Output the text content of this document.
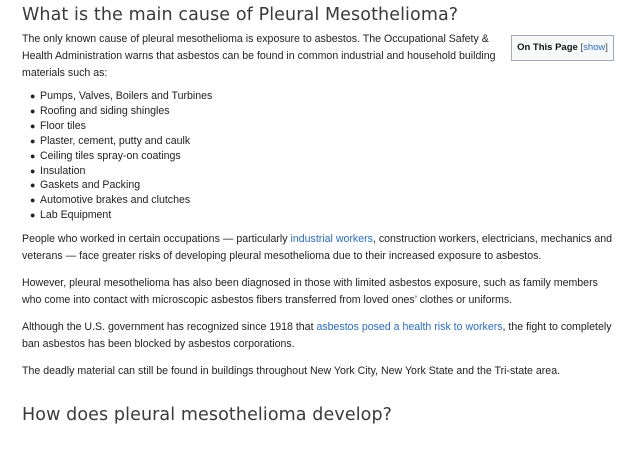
What is the main cause of Pleural Mesothelioma?
On This Page [show]

The only known cause of pleural mesothelioma is exposure to asbestos. The Occupational Safety & Health Administration warns that asbestos can be found in common industrial and household building materials such as:

● Pumps, Valves, Boilers and Turbines
● Roofing and siding shingles
● Floor tiles
● Plaster, cement, putty and caulk
● Ceiling tiles spray-on coatings
● Insulation
● Gaskets and Packing
● Automotive brakes and clutches
● Lab Equipment

People who worked in certain occupations — particularly industrial workers, construction workers, electricians, mechanics and veterans — face greater risks of developing pleural mesothelioma due to their increased exposure to asbestos.

However, pleural mesothelioma has also been diagnosed in those with limited asbestos exposure, such as family members who come into contact with microscopic asbestos fibers transferred from loved ones’ clothes or uniforms.

Although the U.S. government has recognized since 1918 that asbestos posed a health risk to workers, the fight to completely ban asbestos has been blocked by asbestos corporations.

The deadly material can still be found in buildings throughout New York City, New York State and the Tri-state area.

How does pleural mesothelioma develop?
